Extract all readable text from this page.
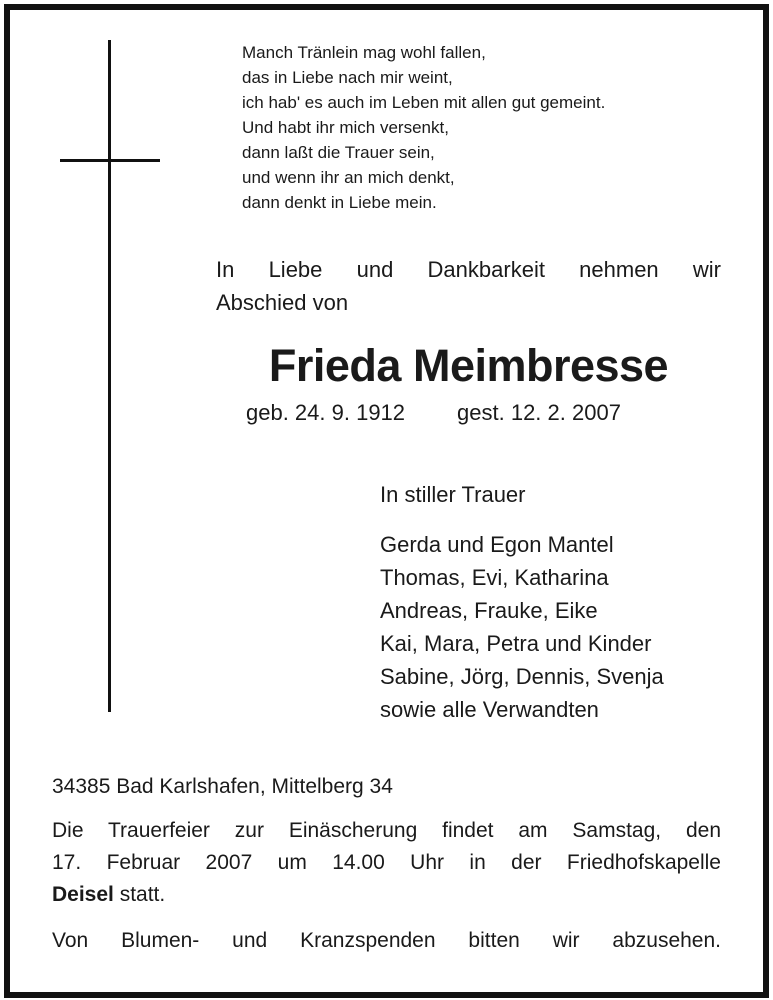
Manch Tränlein mag wohl fallen,
das in Liebe nach mir weint,
ich hab' es auch im Leben mit allen gut gemeint.
Und habt ihr mich versenkt,
dann laßt die Trauer sein,
und wenn ihr an mich denkt,
dann denkt in Liebe mein.
In Liebe und Dankbarkeit nehmen wir
Abschied von
Frieda Meimbresse
geb. 24. 9. 1912 gest. 12. 2. 2007
In stiller Trauer
Gerda und Egon Mantel
Thomas, Evi, Katharina
Andreas, Frauke, Eike
Kai, Mara, Petra und Kinder
Sabine, Jörg, Dennis, Svenja
sowie alle Verwandten
34385 Bad Karlshafen, Mittelberg 34
Die Trauerfeier zur Einäscherung findet am Samstag, den
17. Februar 2007 um 14.00 Uhr in der Friedhofskapelle
Deisel statt.
Von Blumen- und Kranzspenden bitten wir abzusehen.
